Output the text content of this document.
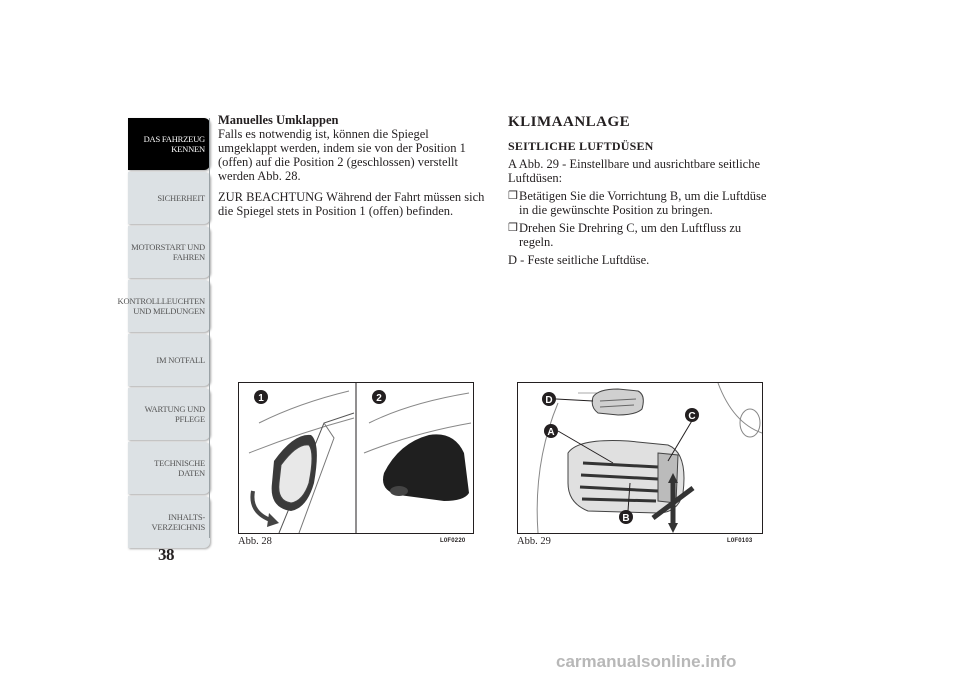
DAS FAHRZEUG
KENNEN
SICHERHEIT
MOTORSTART UND
FAHREN
KONTROLLLEUCHTEN
UND MELDUNGEN
IM NOTFALL
WARTUNG UND
PFLEGE
TECHNISCHE
DATEN
INHALTS-
VERZEICHNIS
38

Manuelles Umklappen

Falls es notwendig ist, können die Spiegel umgeklappt werden, indem sie von der Position 1 (offen) auf die Position 2 (geschlossen) verstellt werden Abb. 28.

ZUR BEACHTUNG Während der Fahrt müssen sich die Spiegel stets in Position 1 (offen) befinden.

KLIMAANLAGE
SEITLICHE LUFTDÜSEN

A Abb. 29 - Einstellbare und ausrichtbare seitliche Luftdüsen:

❒ Betätigen Sie die Vorrichtung B, um die Luftdüse in die gewünschte Position zu bringen.
❒ Drehen Sie Drehring C, um den Luftfluss zu regeln.

D - Feste seitliche Luftdüse.

1	2
Abb. 28	L0F0220
D
C
A
B
Abb. 29	L0F0103
carmanualsonline.info
